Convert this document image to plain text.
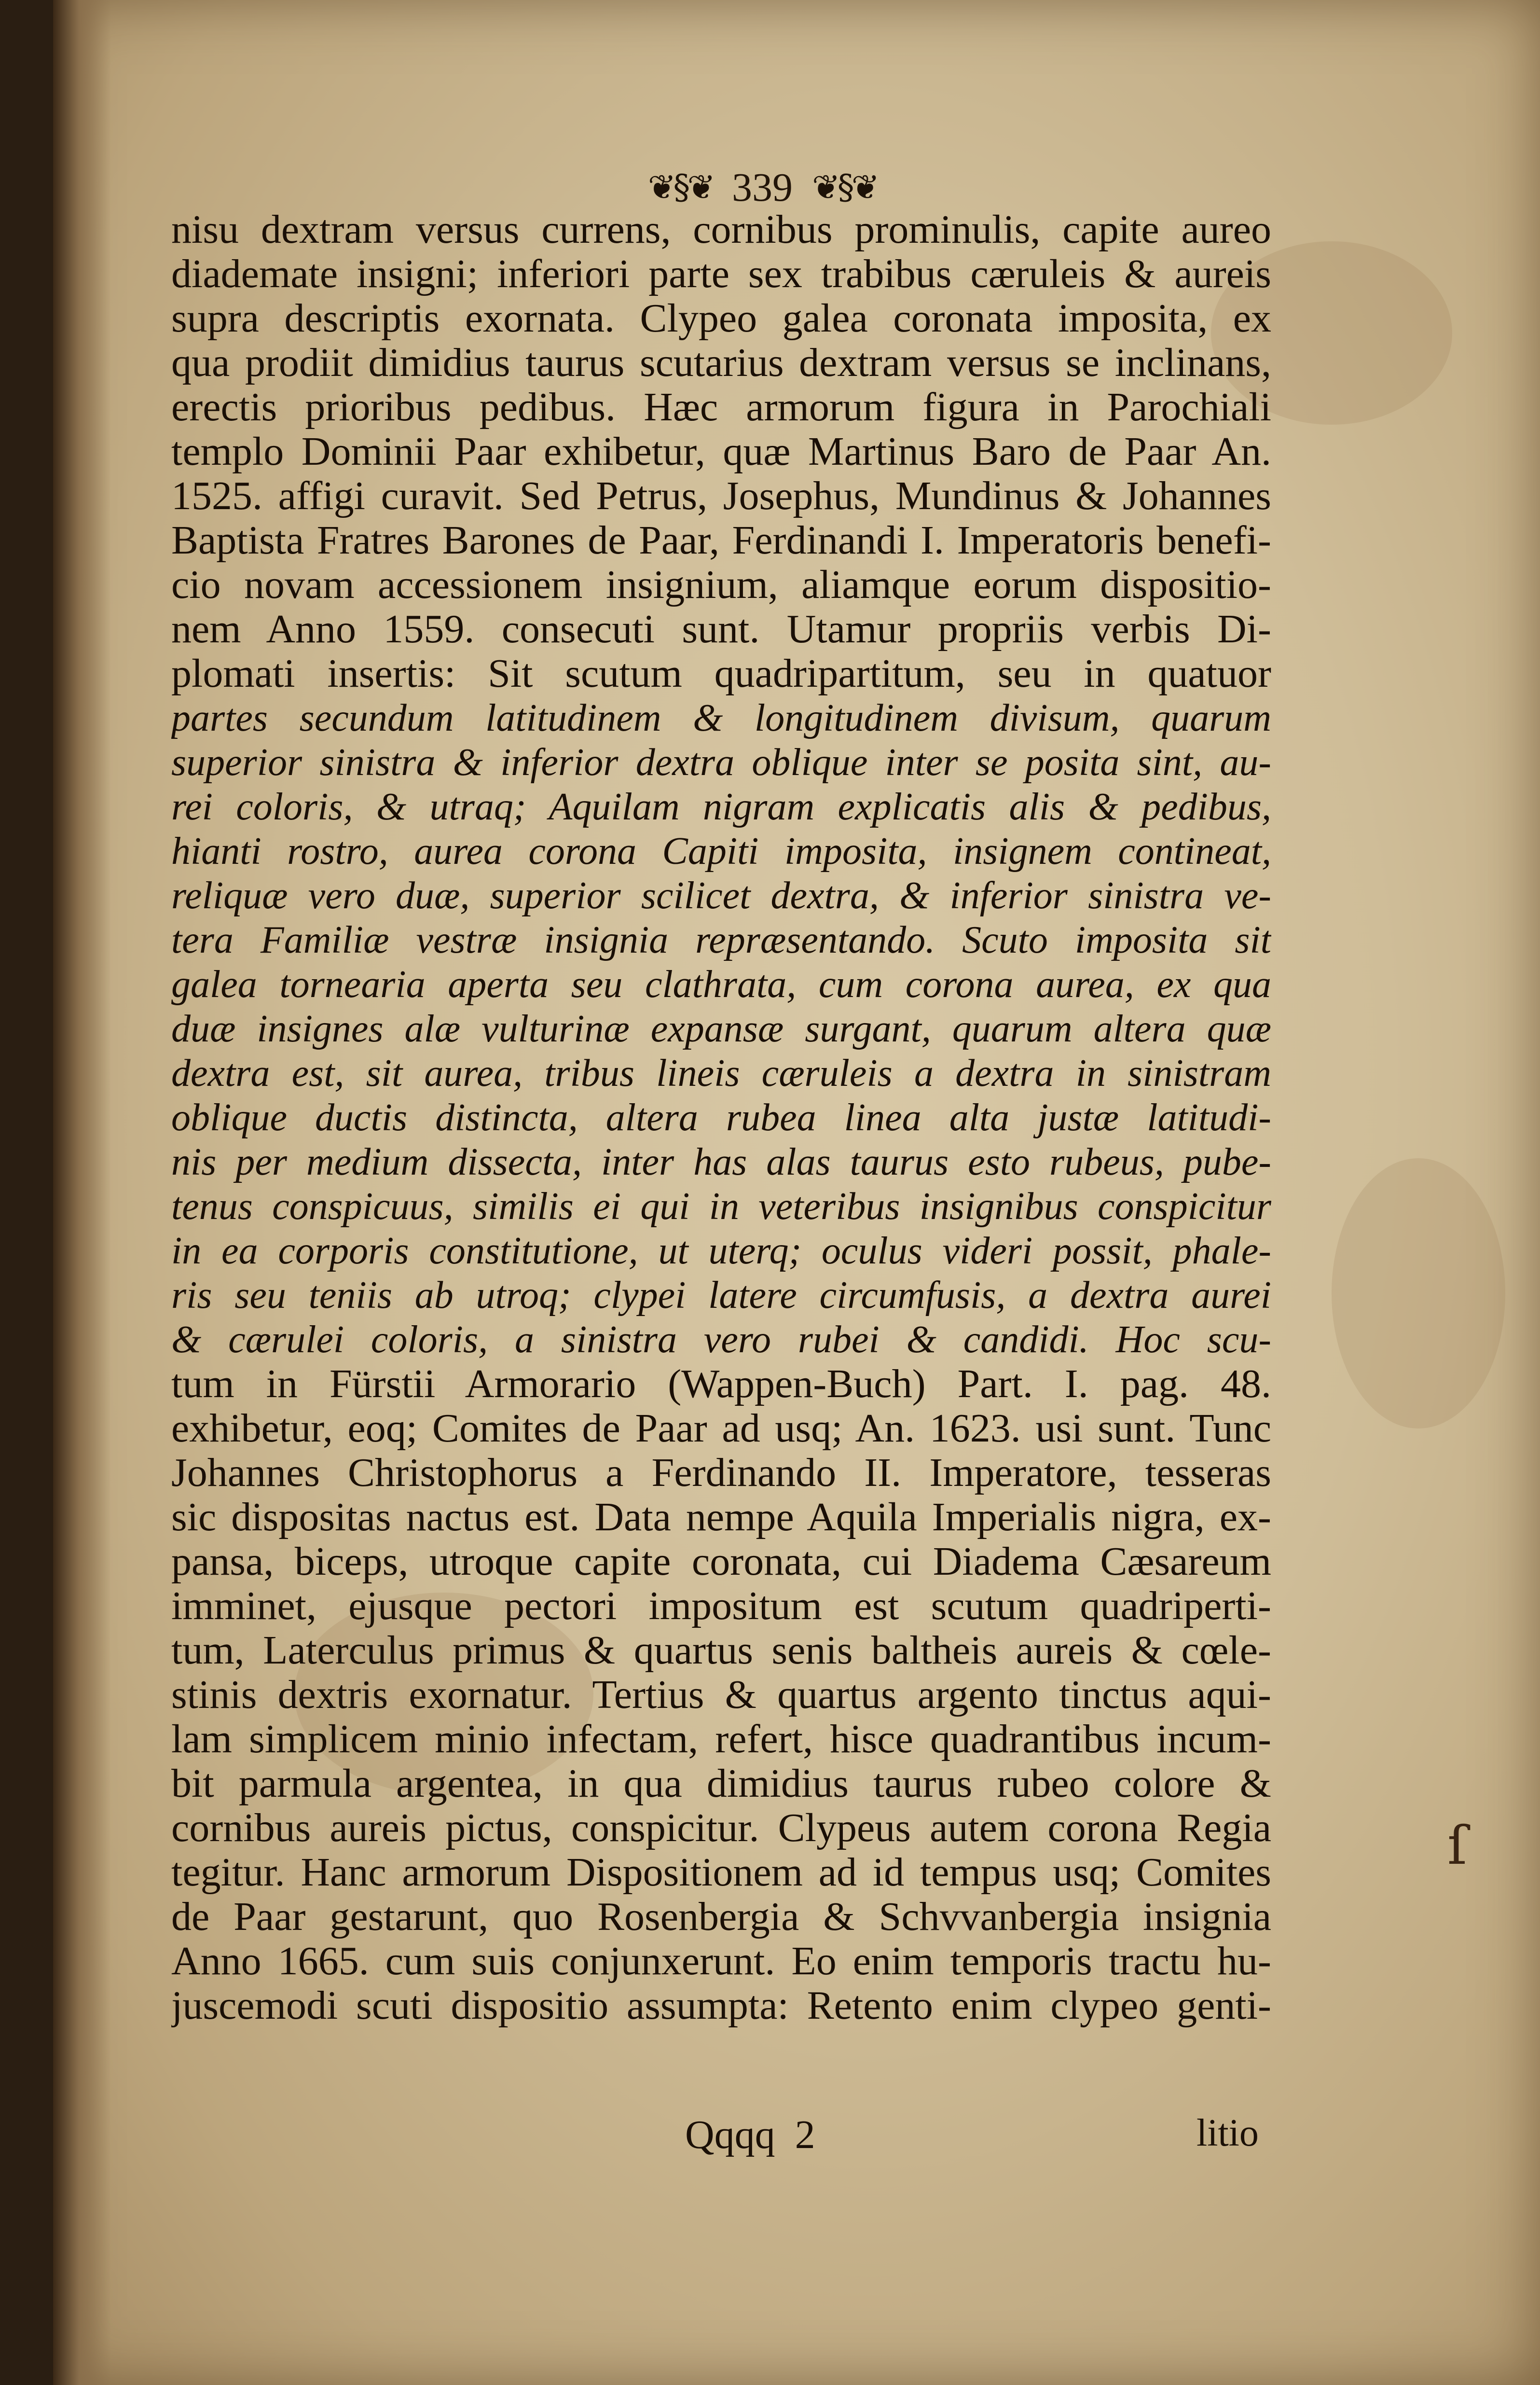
❦§❦ 339 ❦§❦
nisu dextram versus currens, cornibus prominulis, capite aureo
diademate insigni; inferiori parte sex trabibus cæruleis & aureis
supra descriptis exornata. Clypeo galea coronata imposita, ex
qua prodiit dimidius taurus scutarius dextram versus se inclinans,
erectis prioribus pedibus. Hæc armorum figura in Parochiali
templo Dominii Paar exhibetur, quæ Martinus Baro de Paar An.
1525. affigi curavit. Sed Petrus, Josephus, Mundinus & Johannes
Baptista Fratres Barones de Paar, Ferdinandi I. Imperatoris benefi-
cio novam accessionem insignium, aliamque eorum dispositio-
nem Anno 1559. consecuti sunt. Utamur propriis verbis Di-
plomati insertis: Sit scutum quadripartitum, seu in quatuor
partes secundum latitudinem & longitudinem divisum, quarum
superior sinistra & inferior dextra oblique inter se posita sint, au-
rei coloris, & utraq; Aquilam nigram explicatis alis & pedibus,
hianti rostro, aurea corona Capiti imposita, insignem contineat,
reliquæ vero duæ, superior scilicet dextra, & inferior sinistra ve-
tera Familiæ vestræ insignia repræsentando. Scuto imposita sit
galea tornearia aperta seu clathrata, cum corona aurea, ex qua
duæ insignes alæ vulturinæ expansæ surgant, quarum altera quæ
dextra est, sit aurea, tribus lineis cæruleis a dextra in sinistram
oblique ductis distincta, altera rubea linea alta justæ latitudi-
nis per medium dissecta, inter has alas taurus esto rubeus, pube-
tenus conspicuus, similis ei qui in veteribus insignibus conspicitur
in ea corporis constitutione, ut uterq; oculus videri possit, phale-
ris seu teniis ab utroq; clypei latere circumfusis, a dextra aurei
& cærulei coloris, a sinistra vero rubei & candidi. Hoc scu-
tum in Fürstii Armorario (Wappen-Buch) Part. I. pag. 48.
exhibetur, eoq; Comites de Paar ad usq; An. 1623. usi sunt. Tunc
Johannes Christophorus a Ferdinando II. Imperatore, tesseras
sic dispositas nactus est. Data nempe Aquila Imperialis nigra, ex-
pansa, biceps, utroque capite coronata, cui Diadema Cæsareum
imminet, ejusque pectori impositum est scutum quadriperti-
tum, Laterculus primus & quartus senis baltheis aureis & cœle-
stinis dextris exornatur. Tertius & quartus argento tinctus aqui-
lam simplicem minio infectam, refert, hisce quadrantibus incum-
bit parmula argentea, in qua dimidius taurus rubeo colore &
cornibus aureis pictus, conspicitur. Clypeus autem corona Regia
tegitur. Hanc armorum Dispositionem ad id tempus usq; Comites
de Paar gestarunt, quo Rosenbergia & Schvvanbergia insignia
Anno 1665. cum suis conjunxerunt. Eo enim temporis tractu hu-
juscemodi scuti dispositio assumpta: Retento enim clypeo genti-
Qqqq 2	litio
ſ
